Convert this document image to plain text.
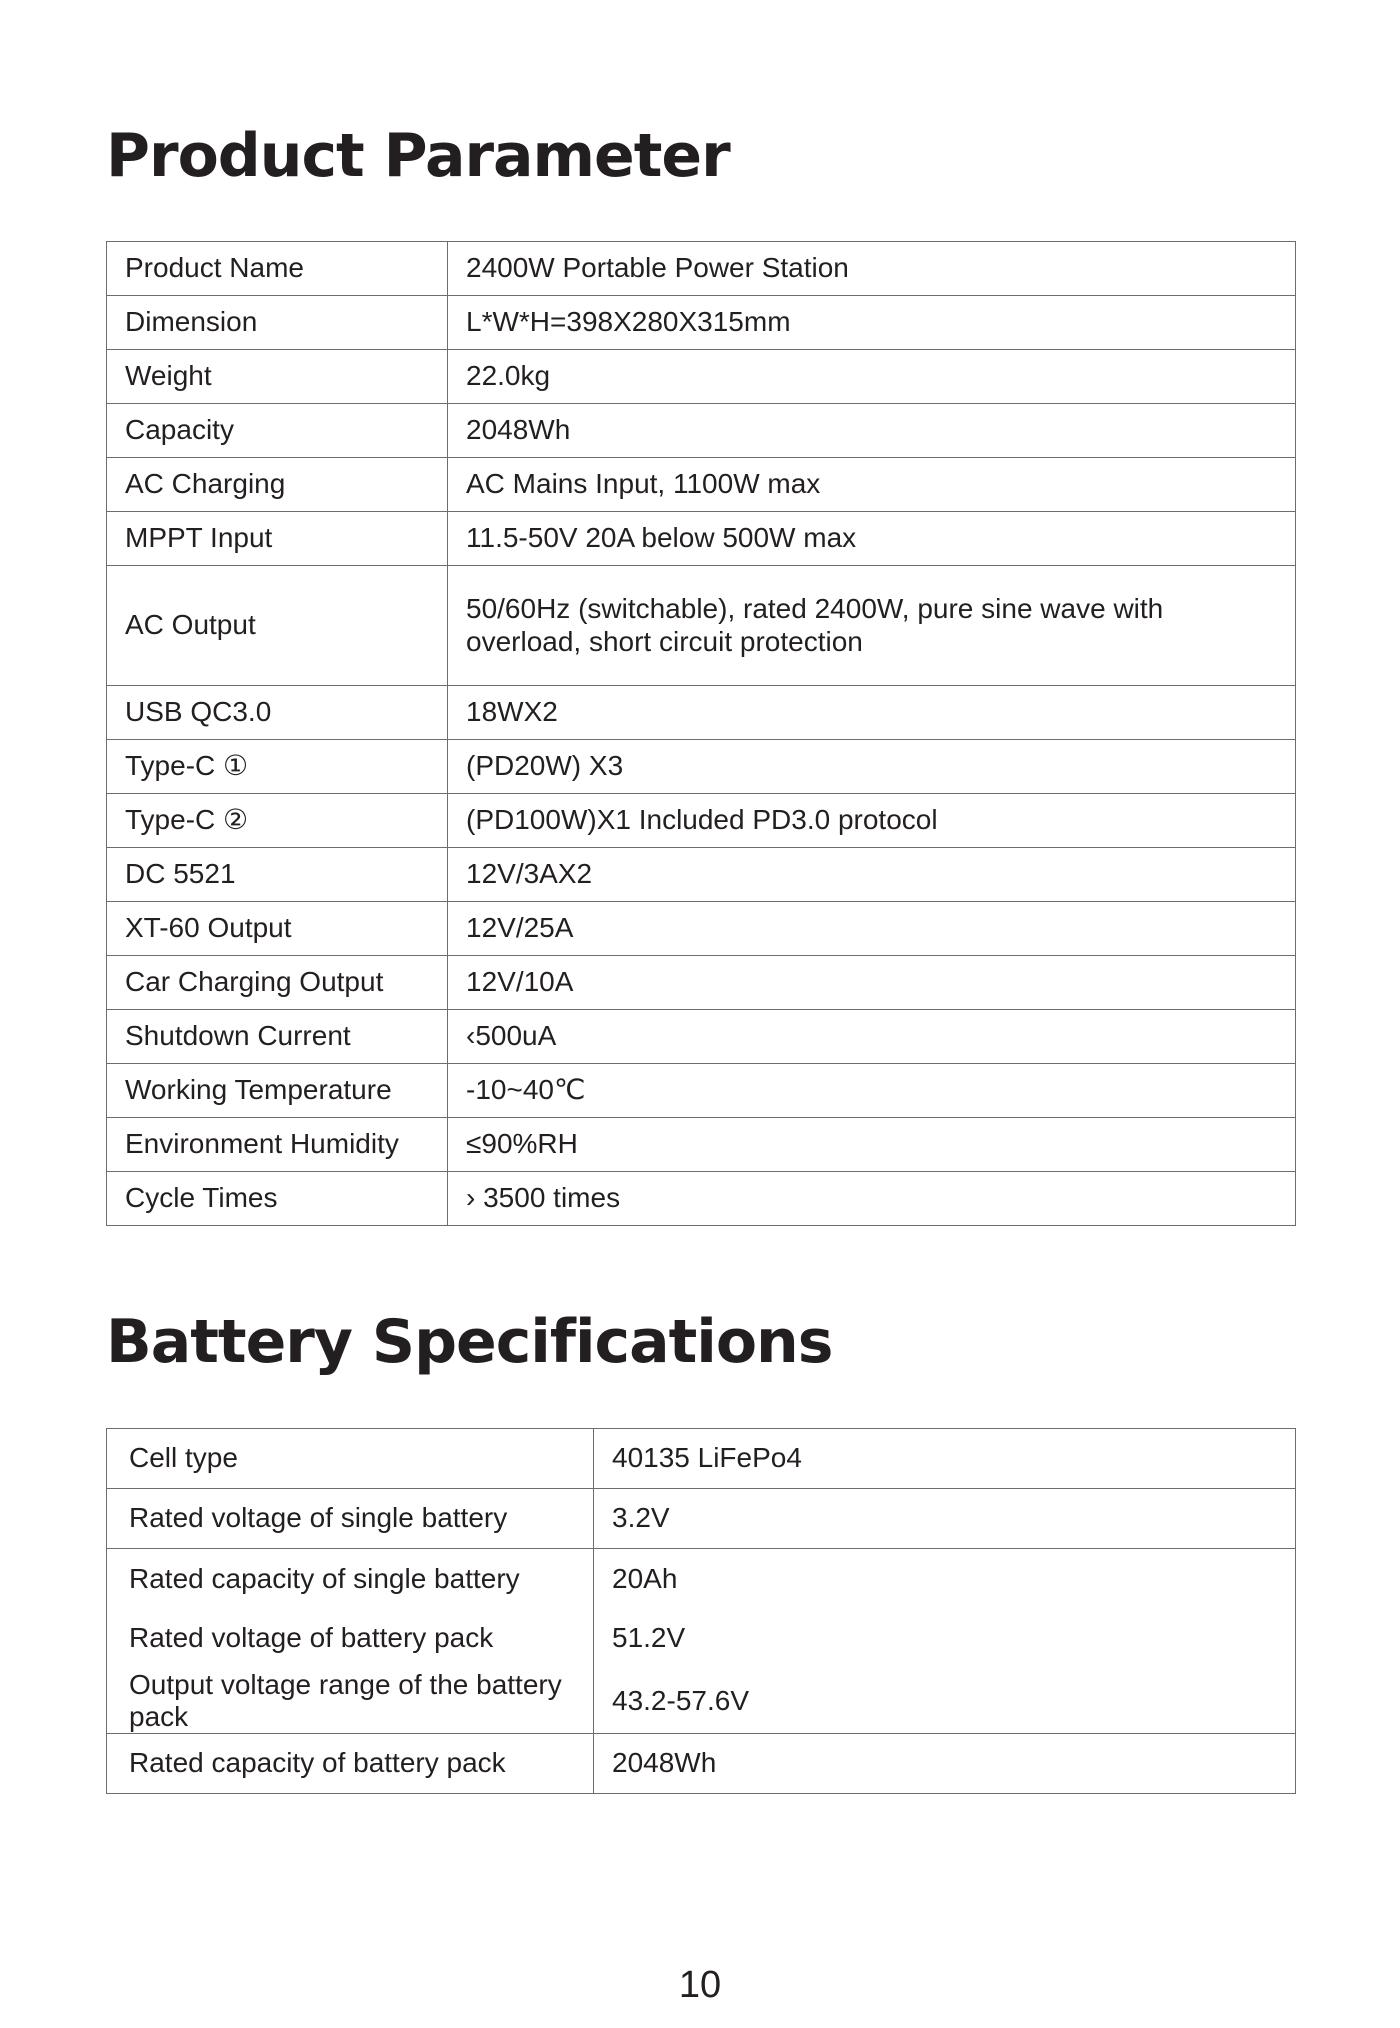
Product Parameter
Product Name	2400W Portable Power Station
Dimension	L*W*H=398X280X315mm
Weight	22.0kg
Capacity	2048Wh
AC Charging	AC Mains Input, 1100W max
MPPT Input	11.5-50V 20A below 500W max
AC Output	50/60Hz (switchable), rated 2400W, pure sine wave with overload, short circuit protection
USB QC3.0	18WX2
Type-C ①	(PD20W) X3
Type-C ②	(PD100W)X1 Included PD3.0 protocol
DC 5521	12V/3AX2
XT-60 Output	12V/25A
Car Charging Output	12V/10A
Shutdown Current	‹500uA
Working Temperature	-10~40℃
Environment Humidity	≤90%RH
Cycle Times	› 3500 times
Battery Specifications
Cell type	40135 LiFePo4
Rated voltage of single battery	3.2V
Rated capacity of single battery	20Ah
Rated voltage of battery pack	51.2V
Output voltage range of the battery pack	43.2-57.6V
Rated capacity of battery pack	2048Wh
10
